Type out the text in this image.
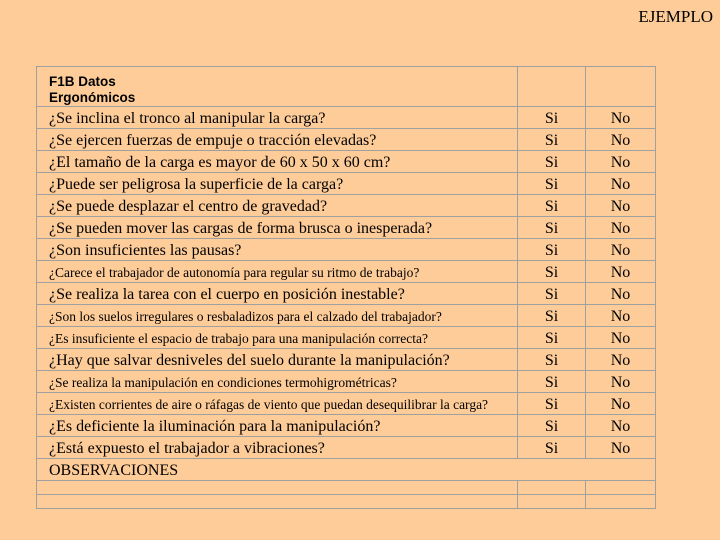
EJEMPLO
F1B Datos
Ergonómicos		

¿Se inclina el tronco al manipular la carga?	Si	No
¿Se ejercen fuerzas de empuje o tracción elevadas?	Si	No
¿El tamaño de la carga es mayor de 60 x 50 x 60 cm?	Si	No
¿Puede ser peligrosa la superficie de la carga?	Si	No
¿Se puede desplazar el centro de gravedad?	Si	No
¿Se pueden mover las cargas de forma brusca o inesperada?	Si	No
¿Son insuficientes las pausas?	Si	No
¿Carece el trabajador de autonomía para regular su ritmo de trabajo?	Si	No
¿Se realiza la tarea con el cuerpo en posición inestable?	Si	No
¿Son los suelos irregulares o resbaladizos para el calzado del trabajador?	Si	No
¿Es insuficiente el espacio de trabajo para una manipulación correcta?	Si	No
¿Hay que salvar desniveles del suelo durante la manipulación?	Si	No
¿Se realiza la manipulación en condiciones termohigrométricas?	Si	No
¿Existen corrientes de aire o ráfagas de viento que puedan desequilibrar la carga?	Si	No
¿Es deficiente la iluminación para la manipulación?	Si	No
¿Está expuesto el trabajador a vibraciones?	Si	No
OBSERVACIONES		
